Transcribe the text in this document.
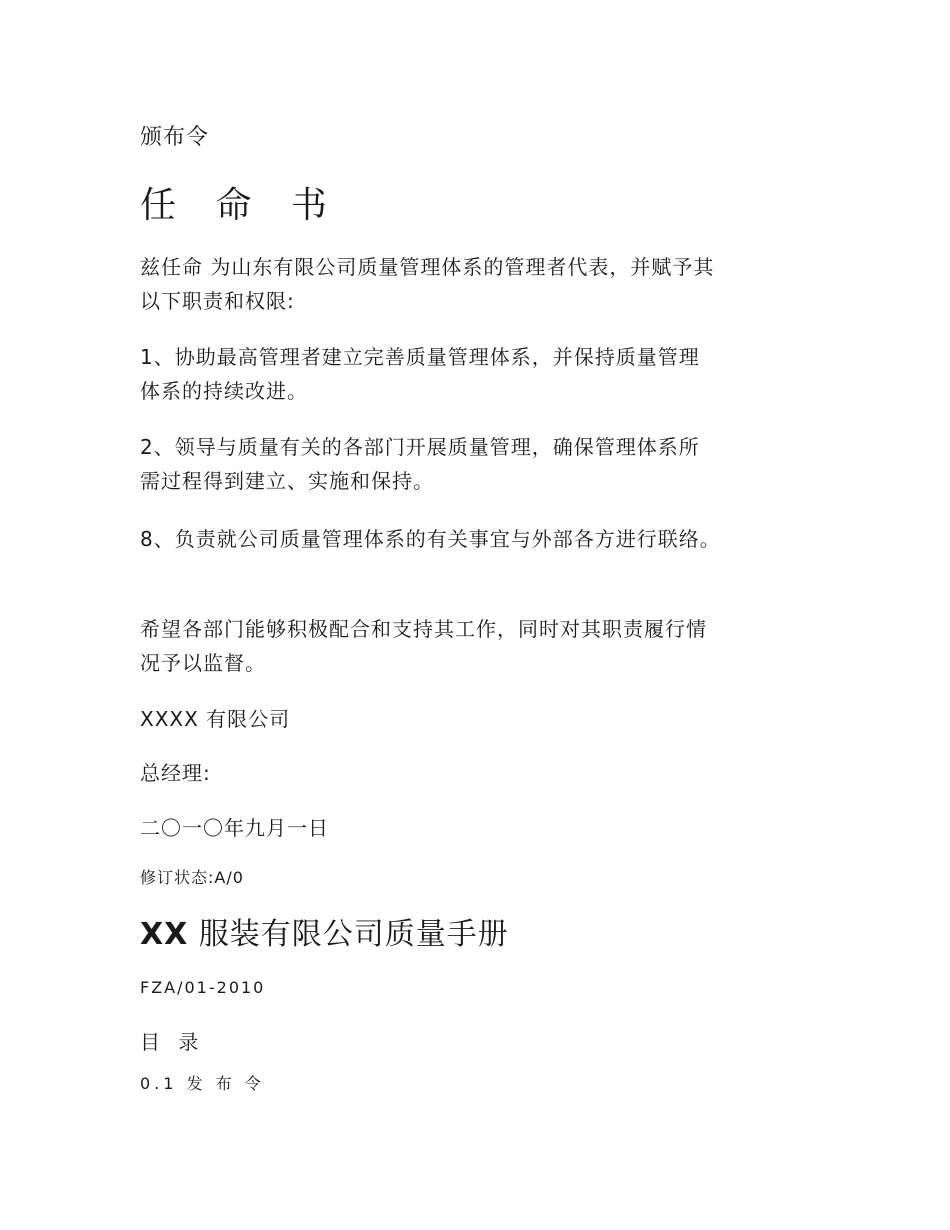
颁布令
任 命 书
兹任命 为山东有限公司质量管理体系的管理者代表，并赋予其
以下职责和权限:
1、协助最高管理者建立完善质量管理体系，并保持质量管理
体系的持续改进。
2、领导与质量有关的各部门开展质量管理，确保管理体系所
需过程得到建立、实施和保持。
8、负责就公司质量管理体系的有关事宜与外部各方进行联络。
希望各部门能够积极配合和支持其工作，同时对其职责履行情
况予以监督。
XXXX 有限公司
总经理:
二〇一〇年九月一日
修订状态:A/0
XX 服装有限公司质量手册
FZA/01-2010
目 录
0.1 发 布 令
